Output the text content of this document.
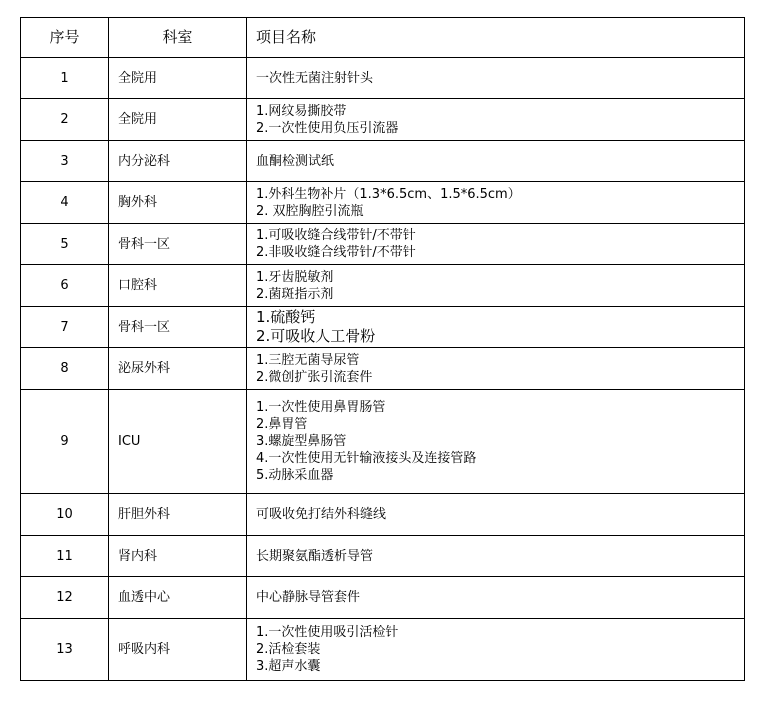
序号	科室	项目名称
1	全院用	一次性无菌注射针头

2	全院用	1.网纹易撕胶带
2.一次性使用负压引流器

3	内分泌科	血酮检测试纸

4	胸外科	1.外科生物补片（1.3*6.5cm、1.5*6.5cm）
2. 双腔胸腔引流瓶

5	骨科一区	1.可吸收缝合线带针/不带针
2.非吸收缝合线带针/不带针

6	口腔科	1.牙齿脱敏剂
2.菌斑指示剂

7	骨科一区	1.硫酸钙
2.可吸收人工骨粉

8	泌尿外科	1.三腔无菌导尿管
2.微创扩张引流套件

9	ICU	1.一次性使用鼻胃肠管
2.鼻胃管
3.螺旋型鼻肠管
4.一次性使用无针输液接头及连接管路
5.动脉采血器

10	肝胆外科	可吸收免打结外科缝线

11	肾内科	长期聚氨酯透析导管

12	血透中心	中心静脉导管套件

13	呼吸内科	1.一次性使用吸引活检针
2.活检套装
3.超声水囊
